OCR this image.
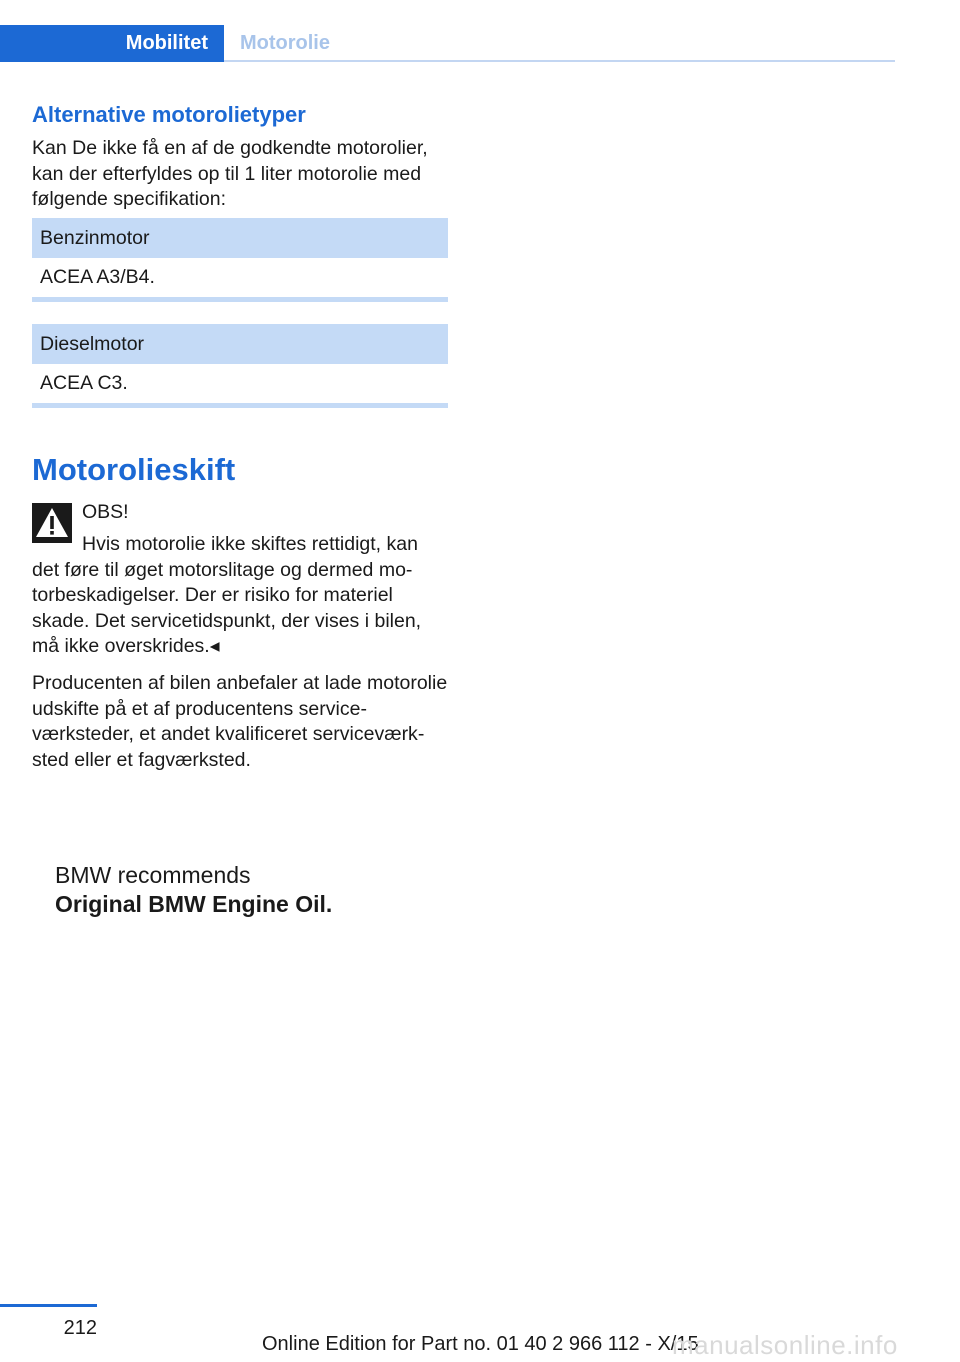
Mobilitet	Motorolie
Alternative motorolietyper
Kan De ikke få en af de godkendte motorolier, kan der efterfyldes op til 1 liter motorolie med følgende specifikation:
Benzinmotor
ACEA A3/B4.
Dieselmotor
ACEA C3.
Motorolieskift
OBS!
Hvis motorolie ikke skiftes rettidigt, kan det føre til øget motorslitage og dermed motorbeskadigelser. Der er risiko for materiel skade. Det servicetidspunkt, der vises i bilen, må ikke overskrides.◂
Producenten af bilen anbefaler at lade motorolie udskifte på et af producentens serviceværksteder, et andet kvalificeret serviceværksted eller et fagværksted.
BMW recommends
Original BMW Engine Oil.
212
Online Edition for Part no. 01 40 2 966 112 - X/15
manualsonline.info
